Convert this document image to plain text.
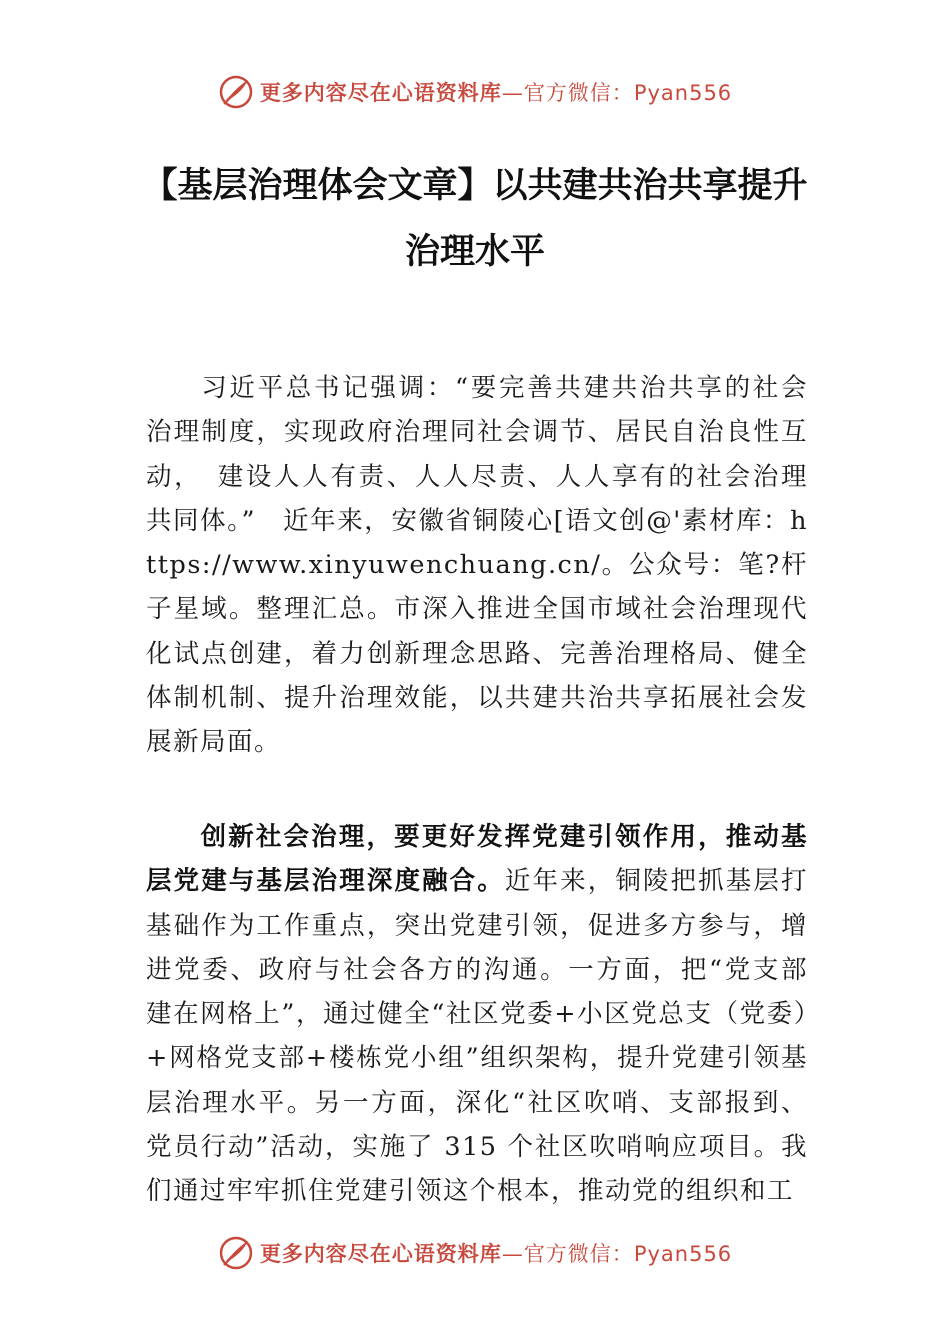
更多内容尽在心语资料库—官方微信：Pyan556
【基层治理体会文章】以共建共治共享提升
治理水平
习近平总书记强调：“要完善共建共治共享的社会治理制度，实现政府治理同社会调节、居民自治良性互动，　建设人人有责、人人尽责、人人享有的社会治理共同体。”　近年来，安徽省铜陵心[语文创@'素材库：https://www.xinyuwenchuang.cn/。公众号：笔?杆子星域。整理汇总。市深入推进全国市域社会治理现代化试点创建，着力创新理念思路、完善治理格局、健全体制机制、提升治理效能，以共建共治共享拓展社会发展新局面。
创新社会治理，要更好发挥党建引领作用，推动基层党建与基层治理深度融合。近年来，铜陵把抓基层打基础作为工作重点，突出党建引领，促进多方参与，增进党委、政府与社会各方的沟通。一方面，把“党支部建在网格上”，通过健全“社区党委+小区党总支（党委）+网格党支部+楼栋党小组”组织架构，提升党建引领基层治理水平。另一方面，深化“社区吹哨、支部报到、党员行动”活动，实施了 315 个社区吹哨响应项目。我们通过牢牢抓住党建引领这个根本，推动党的组织和工
更多内容尽在心语资料库—官方微信：Pyan556
